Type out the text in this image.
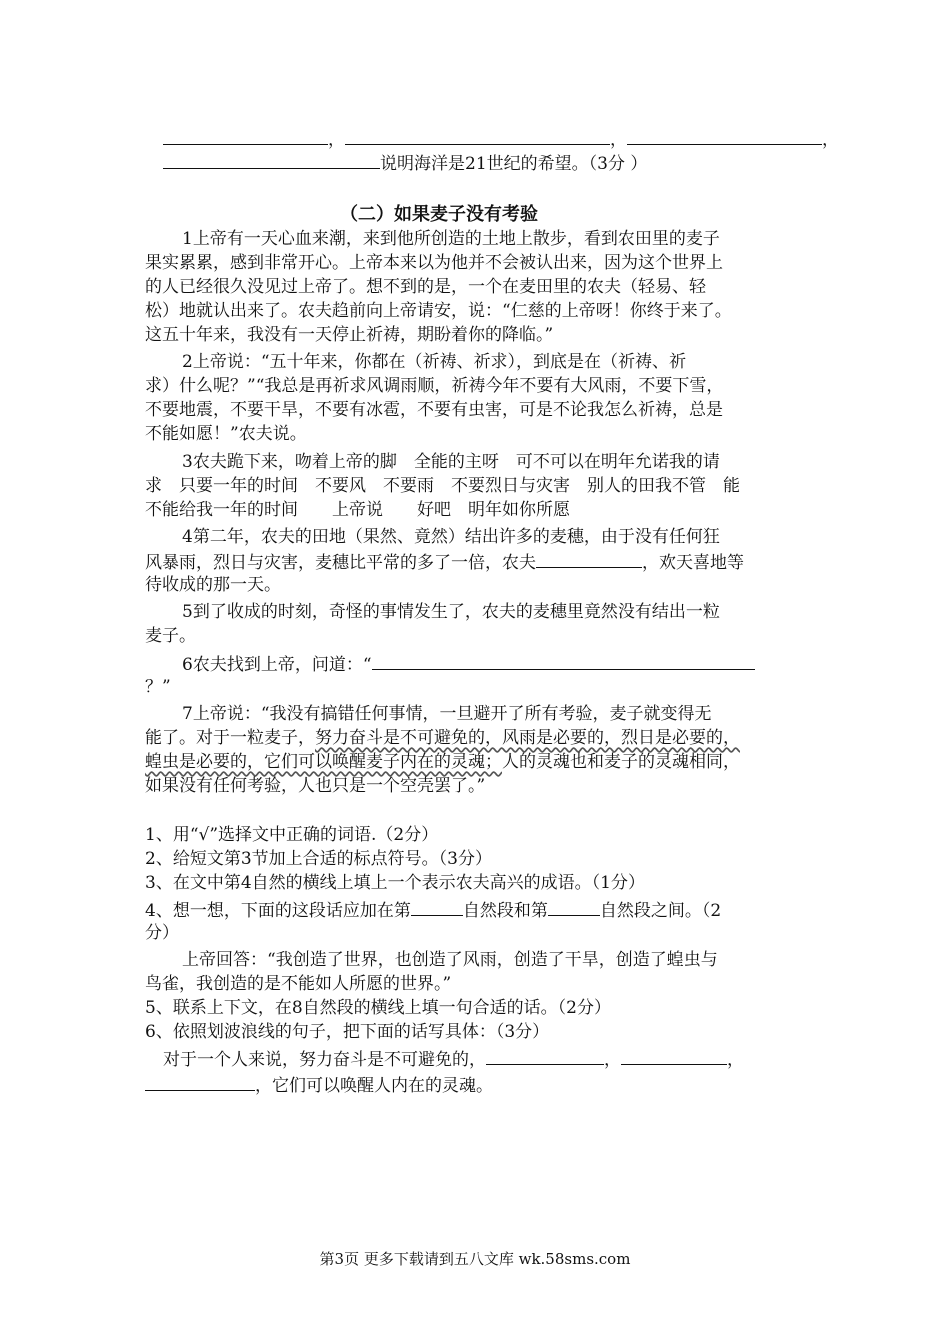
，	，	，
说明海洋是21世纪的希望。（3分 ）
（二）如果麦子没有考验
1上帝有一天心血来潮，来到他所创造的土地上散步，看到农田里的麦子
果实累累，感到非常开心。上帝本来以为他并不会被认出来，因为这个世界上
的人已经很久没见过上帝了。想不到的是，一个在麦田里的农夫（轻易、轻
松）地就认出来了。农夫趋前向上帝请安，说：“仁慈的上帝呀！你终于来了。
这五十年来，我没有一天停止祈祷，期盼着你的降临。”
2上帝说：“五十年来，你都在（祈祷、祈求），到底是在（祈祷、祈
求）什么呢？”“我总是再祈求风调雨顺，祈祷今年不要有大风雨，不要下雪，
不要地震，不要干旱，不要有冰雹，不要有虫害，可是不论我怎么祈祷，总是
不能如愿！”农夫说。
3农夫跪下来，吻着上帝的脚　全能的主呀　可不可以在明年允诺我的请
求　只要一年的时间　不要风　不要雨　不要烈日与灾害　别人的田我不管　能
不能给我一年的时间　　上帝说　　好吧　明年如你所愿
4第二年，农夫的田地（果然、竟然）结出许多的麦穗，由于没有任何狂
风暴雨，烈日与灾害，麦穗比平常的多了一倍，农夫	，欢天喜地等
待收成的那一天。
5到了收成的时刻，奇怪的事情发生了，农夫的麦穗里竟然没有结出一粒
麦子。
6农夫找到上帝，问道：“
？”
7上帝说：“我没有搞错任何事情，一旦避开了所有考验，麦子就变得无
能了。对于一粒麦子，努力奋斗是不可避免的，风雨是必要的，烈日是必要的，
蝗虫是必要的，它们可以唤醒麦子内在的灵魂；人的灵魂也和麦子的灵魂相同，
如果没有任何考验，人也只是一个空壳罢了。”
1、用“√”选择文中正确的词语.（2分）
2、给短文第3节加上合适的标点符号。（3分）
3、在文中第4自然的横线上填上一个表示农夫高兴的成语。（1分）
4、想一想，下面的这段话应加在第	自然段和第	自然段之间。（2
分）
上帝回答：“我创造了世界，也创造了风雨，创造了干旱，创造了蝗虫与
鸟雀，我创造的是不能如人所愿的世界。”
5、联系上下文，在8自然段的横线上填一句合适的话。（2分）
6、依照划波浪线的句子，把下面的话写具体：（3分）
对于一个人来说，努力奋斗是不可避免的，	，	，
，它们可以唤醒人内在的灵魂。
第3页 更多下载请到五八文库 wk.58sms.com
